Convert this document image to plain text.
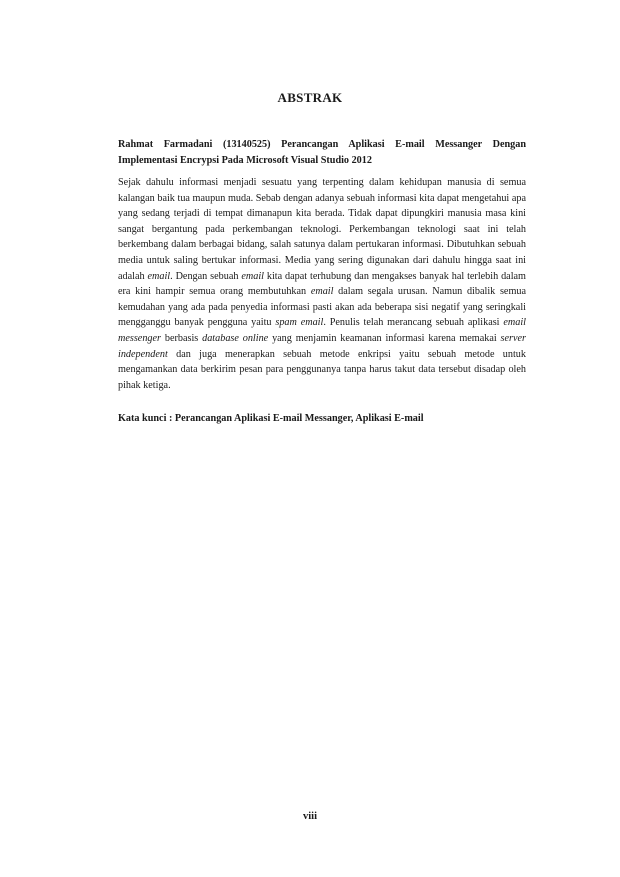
ABSTRAK
Rahmat Farmadani (13140525) Perancangan Aplikasi E-mail Messanger Dengan Implementasi Encrypsi Pada Microsoft Visual Studio 2012
Sejak dahulu informasi menjadi sesuatu yang terpenting dalam kehidupan manusia di semua kalangan baik tua maupun muda. Sebab dengan adanya sebuah informasi kita dapat mengetahui apa yang sedang terjadi di tempat dimanapun kita berada. Tidak dapat dipungkiri manusia masa kini sangat bergantung pada perkembangan teknologi. Perkembangan teknologi saat ini telah berkembang dalam berbagai bidang, salah satunya dalam pertukaran informasi. Dibutuhkan sebuah media untuk saling bertukar informasi. Media yang sering digunakan dari dahulu hingga saat ini adalah email. Dengan sebuah email kita dapat terhubung dan mengakses banyak hal terlebih dalam era kini hampir semua orang membutuhkan email dalam segala urusan. Namun dibalik semua kemudahan yang ada pada penyedia informasi pasti akan ada beberapa sisi negatif yang seringkali mengganggu banyak pengguna yaitu spam email. Penulis telah merancang sebuah aplikasi email messenger berbasis database online yang menjamin keamanan informasi karena memakai server independent dan juga menerapkan sebuah metode enkripsi yaitu sebuah metode untuk mengamankan data berkirim pesan para penggunanya tanpa harus takut data tersebut disadap oleh pihak ketiga.
Kata kunci : Perancangan Aplikasi E-mail Messanger, Aplikasi E-mail
viii
